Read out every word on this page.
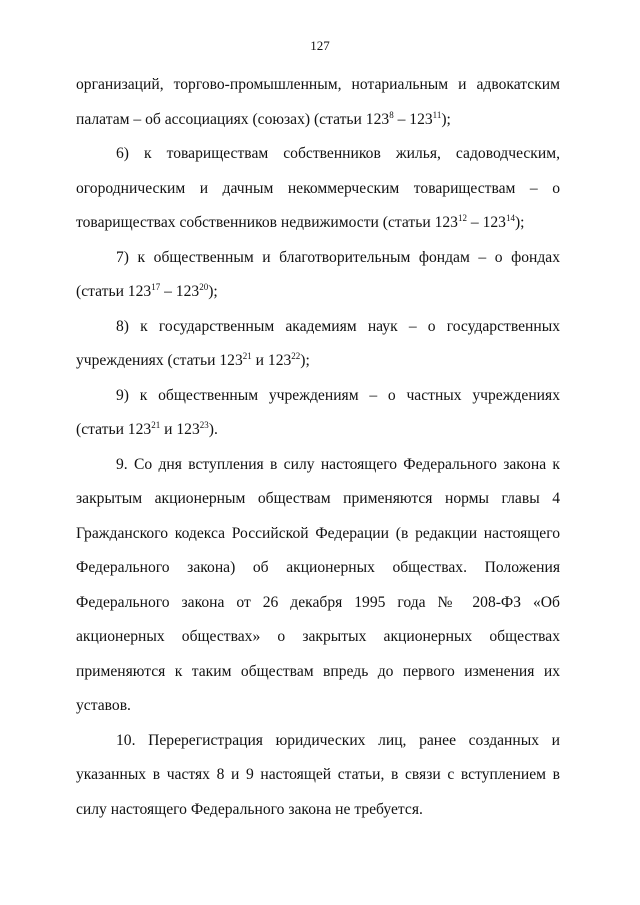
127

организаций, торгово-промышленным, нотариальным и адвокатским палатам – об ассоциациях (союзах) (статьи $123^8 - 123^{11}$);

6) к товариществам собственников жилья, садоводческим, огородническим и дачным некоммерческим товариществам – о товариществах собственников недвижимости (статьи $123^{12} - 123^{14}$);

7) к общественным и благотворительным фондам – о фондах (статьи $123^{17} - 123^{20}$);

8) к государственным академиям наук – о государственных учреждениях (статьи $123^{21}$ и $123^{22}$);

9) к общественным учреждениям – о частных учреждениях (статьи $123^{21}$ и $123^{23}$).

9. Со дня вступления в силу настоящего Федерального закона к закрытым акционерным обществам применяются нормы главы 4 Гражданского кодекса Российской Федерации (в редакции настоящего Федерального закона) об акционерных обществах. Положения Федерального закона от 26 декабря 1995 года № 208-ФЗ «Об акционерных обществах» о закрытых акционерных обществах применяются к таким обществам впредь до первого изменения их уставов.

10. Перерегистрация юридических лиц, ранее созданных и указанных в частях 8 и 9 настоящей статьи, в связи с вступлением в силу настоящего Федерального закона не требуется.
